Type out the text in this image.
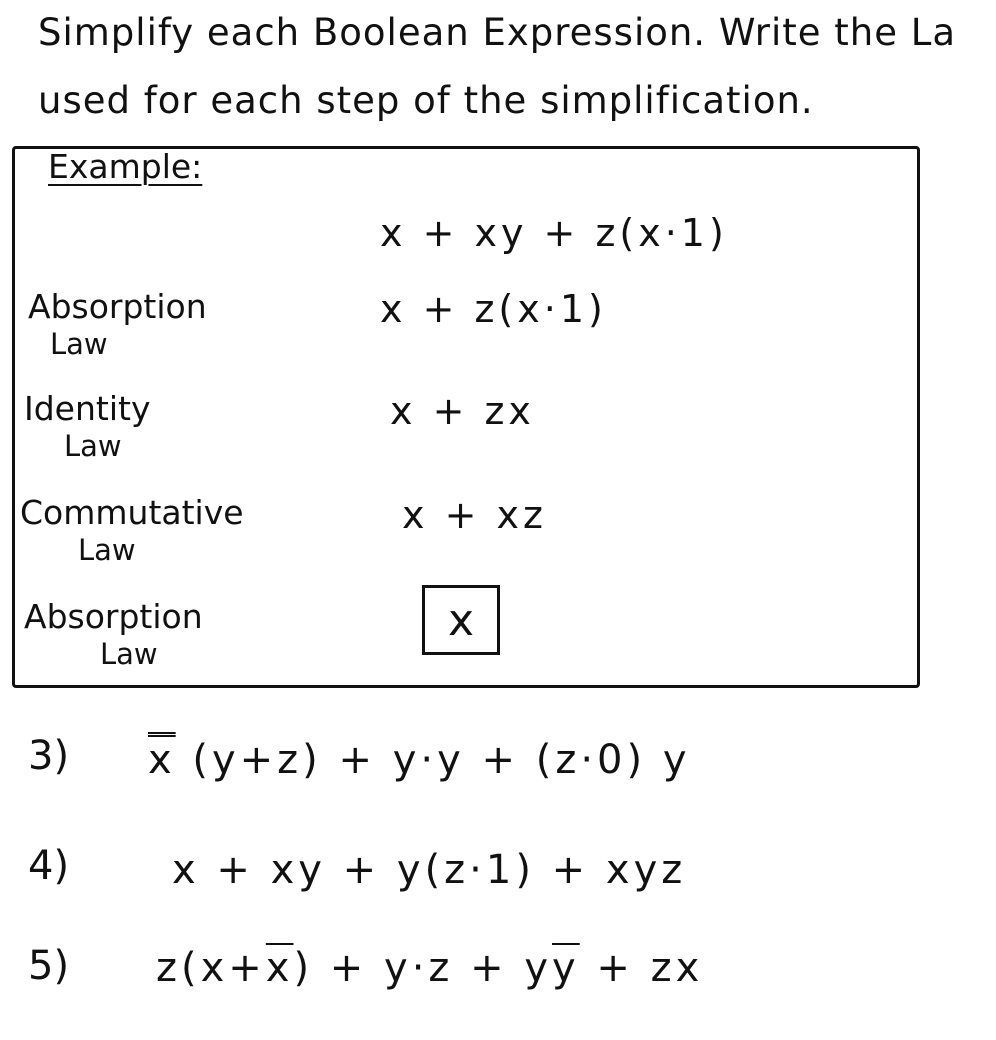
Simplify each Boolean Expression. Write the La
used for each step of the simplification.
Example:
x + xy + z(x·1)
Absorption
Law
x + z(x·1)
Identity
Law
x + zx
Commutative
Law
x + xz
Absorption
Law
x
3) x (y+z) + y·y + (z·0) y
4)	x + xy + y(z·1) + xyz
5) $z(x+\overline{x}) + y\cdot z + y\overline{y}$ + zx
